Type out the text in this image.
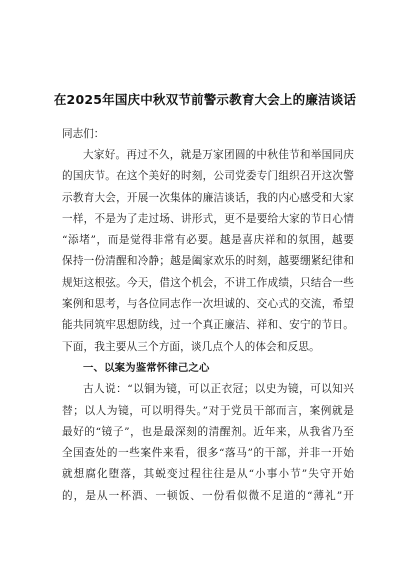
在2025年国庆中秋双节前警示教育大会上的廉洁谈话
同志们：
大家好。再过不久，就是万家团圆的中秋佳节和举国同庆
的国庆节。在这个美好的时刻，公司党委专门组织召开这次警
示教育大会，开展一次集体的廉洁谈话，我的内心感受和大家
一样，不是为了走过场、讲形式，更不是要给大家的节日心情
“添堵”，而是觉得非常有必要。越是喜庆祥和的氛围，越要
保持一份清醒和冷静；越是阖家欢乐的时刻，越要绷紧纪律和
规矩这根弦。今天，借这个机会，不讲工作成绩，只结合一些
案例和思考，与各位同志作一次坦诚的、交心式的交流，希望
能共同筑牢思想防线，过一个真正廉洁、祥和、安宁的节日。
下面，我主要从三个方面，谈几点个人的体会和反思。
一、以案为鉴常怀律己之心
古人说：“以铜为镜，可以正衣冠；以史为镜，可以知兴
替；以人为镜，可以明得失。”对于党员干部而言，案例就是
最好的“镜子”，也是最深刻的清醒剂。近年来，从我省乃至
全国查处的一些案件来看，很多“落马”的干部，并非一开始
就想腐化堕落，其蜕变过程往往是从“小事小节”失守开始
的，是从一杯酒、一顿饭、一份看似微不足道的“薄礼”开
